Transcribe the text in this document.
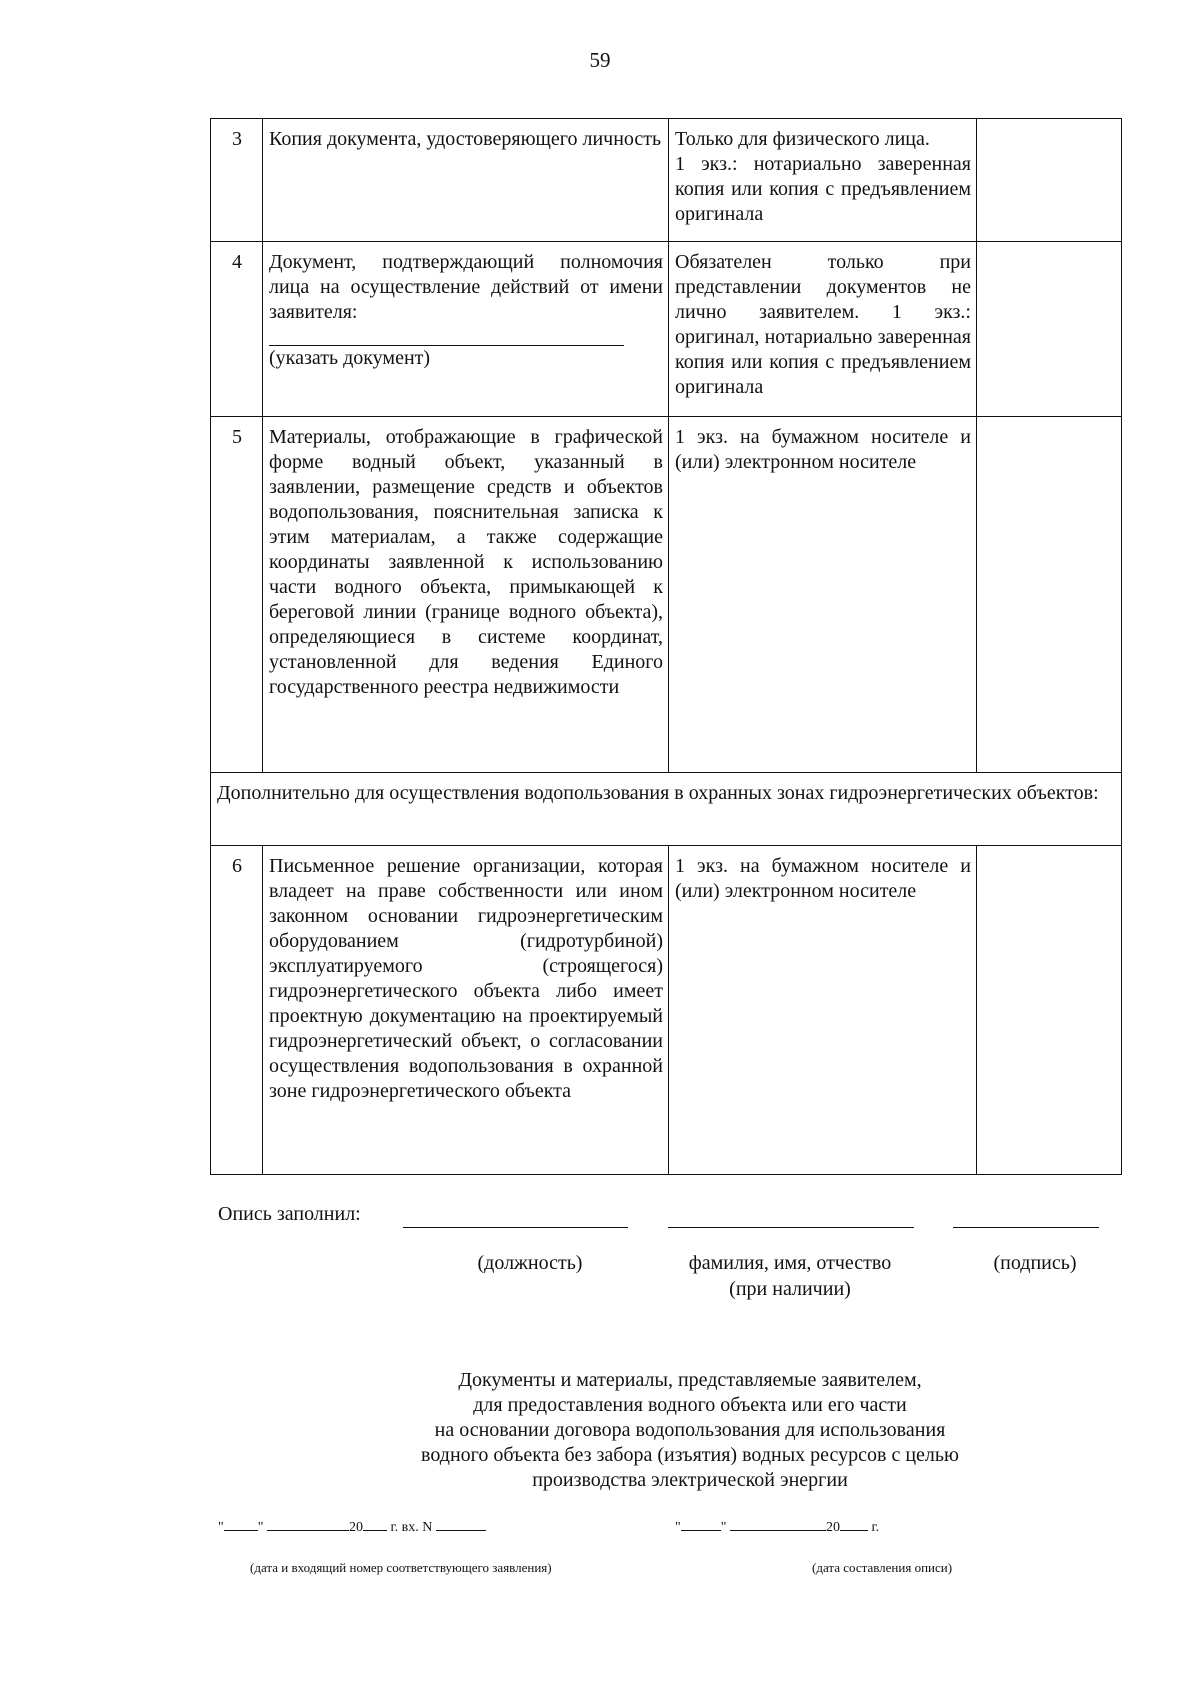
59
3	Копия документа, удостоверяющего личность	Только для физического лица.
1 экз.: нотариально заверенная копия или копия с предъявлением оригинала	

4	Документ, подтверждающий полномочия лица на осуществление действий от имени заявителя:
(указать документ)	Обязателен только при представлении документов не лично заявителем. 1 экз.: оригинал, нотариально заверенная копия или копия с предъявлением оригинала	

5	Материалы, отображающие в графической форме водный объект, указанный в заявлении, размещение средств и объектов водопользования, пояснительная записка к этим материалам, а также содержащие координаты заявленной к использованию части водного объекта, примыкающей к береговой линии (границе водного объекта), определяющиеся в системе координат, установленной для ведения Единого государственного реестра недвижимости	1 экз. на бумажном носителе и (или) электронном носителе	

Дополнительно для осуществления водопользования в охранных зонах гидроэнергетических объектов:			
6	Письменное решение организации, которая владеет на праве собственности или ином законном основании гидроэнергетическим оборудованием (гидротурбиной) эксплуатируемого (строящегося) гидроэнергетического объекта либо имеет проектную документацию на проектируемый гидроэнергетический объект, о согласовании осуществления водопользования в охранной зоне гидроэнергетического объекта	1 экз. на бумажном носителе и (или) электронном носителе	

Опись заполнил:
(должность)	фамилия, имя, отчество
(при наличии)
(подпись)
Документы и материалы, представляемые заявителем,
для предоставления водного объекта или его части
на основании договора водопользования для использования
водного объекта без забора (изъятия) водных ресурсов с целью
производства электрической энергии
" "	20 г. вх. N
(дата и входящий номер соответствующего заявления)
"	"	20 г.
(дата составления описи)
